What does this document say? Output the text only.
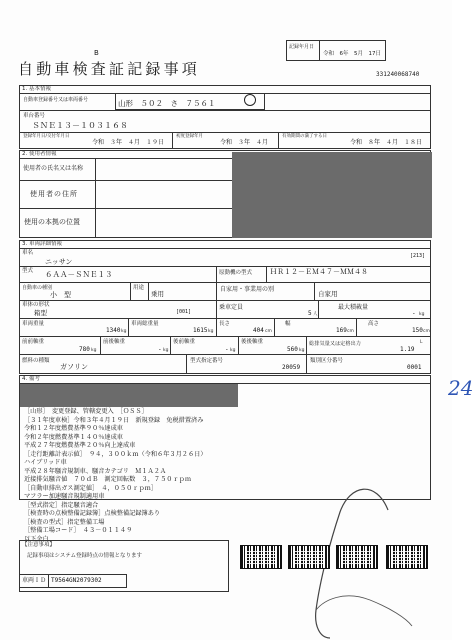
B
自動車検査証記録事項
記録年月日
令和　6年　5月　17日
331240068740
1. 基本情報
自動車登録番号又は車両番号	山形　５０２　さ　７５６１
車台番号
ＳＮＥ１３－１０３１６８
登録年月日/交付年月日
令和　３年　４月　１９日
初度登録年月
令和　３年　４月
有効期間の満了する日
令和　８年　４月　１８日
2. 使用者情報
使用者の氏名又は名称
使用者の住所
使用の本拠の位置
3. 車両詳細情報
車名
ニッサン
[213]
型式 ６ＡＡ－ＳＮＥ１３	原動機の型式	ＨＲ１２－ＥＭ４７－ＭＭ４８
自動車の種別
小　型
用途
乗用
自家用・事業用の別
自家用
車体の形状
箱型	[001]
乗車定員
5 人
最大積載量
- kg
車両重量
1340 kg
車両総重量
1615 kg
長さ
404 cm
幅
169 cm
高さ
150 cm
前前軸重
780 kg
前後軸重
- kg
後前軸重
- kg
後後軸重
560 kg
総排気量又は定格出力
1.19
L
燃料の種類
ガソリン
型式指定番号
20059
類別区分番号
0001
4. 備考	24
［山形］　変更登録、管轄変更入　［ＯＳＳ］
［３１年度車検］令和３年４月１９日　新規登録　免税措置済み
令和１２年度燃費基準９０％達成車
令和２年度燃費基準１４０％達成車
平成２７年度燃費基準２０％向上達成車
［走行距離計表示値］　９４，３００ｋｍ（令和６年３月２６日）
ハイブリッド車
平成２８年騒音規制車、騒音カテゴリ　Ｍ１Ａ２Ａ
近接排気騒音値　７０ｄＢ　測定回転数　３，７５０ｒｐｍ
［自動車排出ガス測定値］　４，０５０ｒｐｍ］
マフラー加速騒音規制適用車
［型式指定］指定騒音適合
［検査時の点検整備記録簿］点検整備記録簿あり
［検査の型式］指定整備工場
［整備工場コード］　４３－０１１４９
以下余白
【注意事項】
記録事項はシステム登録時点の情報となります
車両ＩＤ T9564GN2079302
